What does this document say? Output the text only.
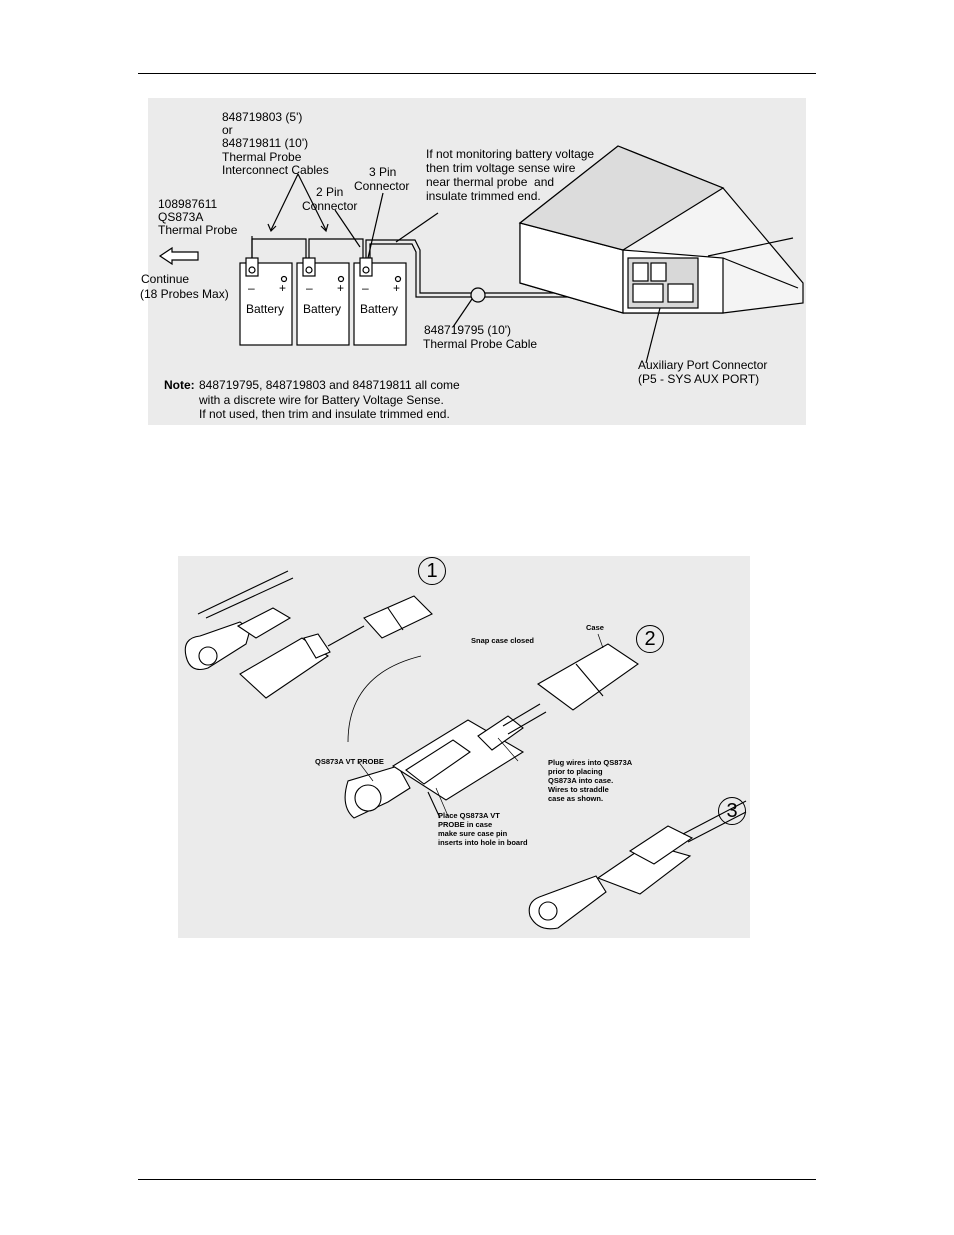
848719803 (5')
or
848719811 (10')
Thermal Probe
Interconnect Cables
108987611
QS873A
Thermal Probe
2 Pin
Connector
3 Pin
Connector
If not monitoring battery voltage
then trim voltage sense wire
near thermal probe  and
insulate trimmed end.
Continue
(18 Probes Max) – + – + – +
Battery Battery Battery
848719795 (10')
Thermal Probe Cable
Auxiliary Port Connector
(P5 - SYS AUX PORT)
Note: 848719795, 848719803 and 848719811 all come
with a discrete wire for Battery Voltage Sense.
If not used, then trim and insulate trimmed end.
1
2
3
Snap case closed
Case
QS873A VT PROBE	Plug wires into QS873A
prior to placing
QS873A into case.
Wires to straddle
case as shown.
Place QS873A VT
PROBE in case
make sure case pin
inserts into hole in board
